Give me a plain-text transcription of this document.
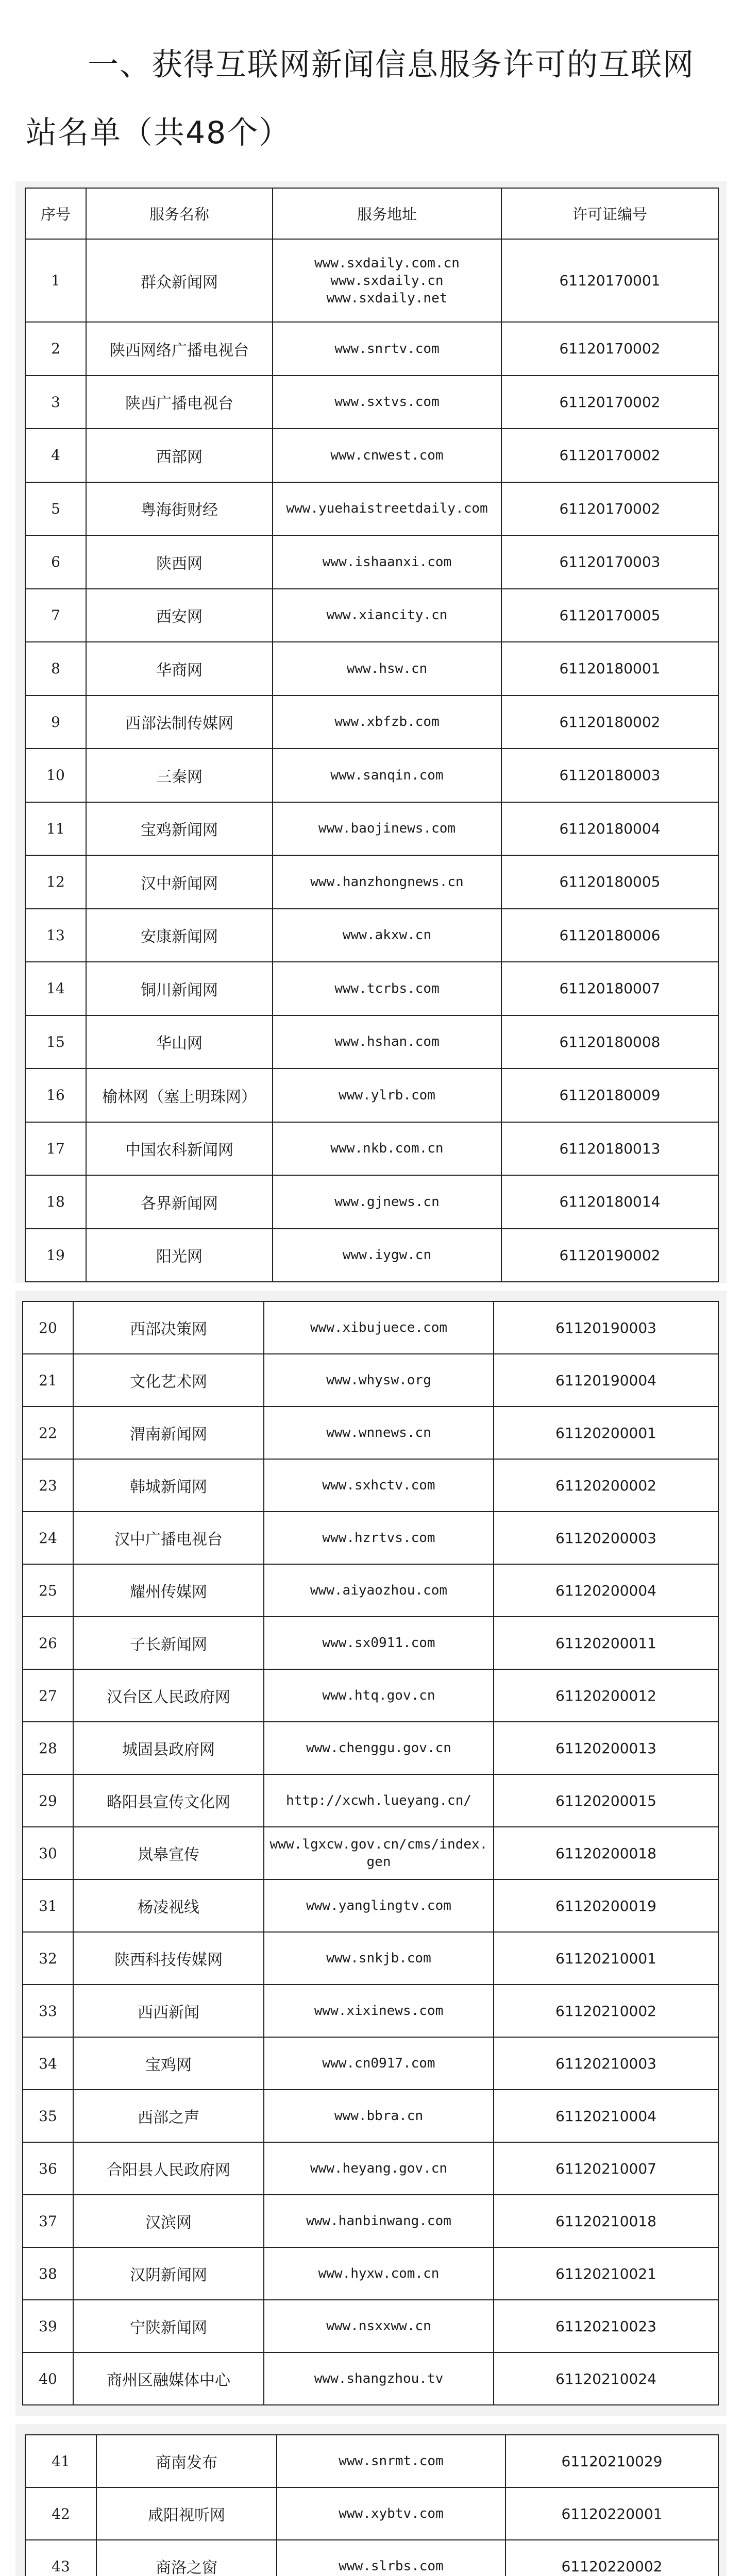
一、获得互联网新闻信息服务许可的互联网站名单（共48个）
序号	服务名称	服务地址	许可证编号
1	群众新闻网	www.sxdaily.com.cn
www.sxdaily.cn
www.sxdaily.net	61120170001
2	陕西网络广播电视台	www.snrtv.com	61120170002
3	陕西广播电视台	www.sxtvs.com	61120170002
4	西部网	www.cnwest.com	61120170002
5	粤海街财经	www.yuehaistreetdaily.com	61120170002
6	陕西网	www.ishaanxi.com	61120170003
7	西安网	www.xiancity.cn	61120170005
8	华商网	www.hsw.cn	61120180001
9	西部法制传媒网	www.xbfzb.com	61120180002
10	三秦网	www.sanqin.com	61120180003
11	宝鸡新闻网	www.baojinews.com	61120180004
12	汉中新闻网	www.hanzhongnews.cn	61120180005
13	安康新闻网	www.akxw.cn	61120180006
14	铜川新闻网	www.tcrbs.com	61120180007
15	华山网	www.hshan.com	61120180008
16	榆林网（塞上明珠网）	www.ylrb.com	61120180009
17	中国农科新闻网	www.nkb.com.cn	61120180013
18	各界新闻网	www.gjnews.cn	61120180014
19	阳光网	www.iygw.cn	61120190002
20	西部决策网	www.xibujuece.com	61120190003
21	文化艺术网	www.whysw.org	61120190004
22	渭南新闻网	www.wnnews.cn	61120200001
23	韩城新闻网	www.sxhctv.com	61120200002
24	汉中广播电视台	www.hzrtvs.com	61120200003
25	耀州传媒网	www.aiyaozhou.com	61120200004
26	子长新闻网	www.sx0911.com	61120200011
27	汉台区人民政府网	www.htq.gov.cn	61120200012
28	城固县政府网	www.chenggu.gov.cn	61120200013
29	略阳县宣传文化网	http://xcwh.lueyang.cn/	61120200015
30	岚皋宣传	www.lgxcw.gov.cn/cms/index.gen	61120200018
31	杨凌视线	www.yanglingtv.com	61120200019
32	陕西科技传媒网	www.snkjb.com	61120210001
33	西西新闻	www.xixinews.com	61120210002
34	宝鸡网	www.cn0917.com	61120210003
35	西部之声	www.bbra.cn	61120210004
36	合阳县人民政府网	www.heyang.gov.cn	61120210007
37	汉滨网	www.hanbinwang.com	61120210018
38	汉阴新闻网	www.hyxw.com.cn	61120210021
39	宁陕新闻网	www.nsxxww.cn	61120210023
40	商州区融媒体中心	www.shangzhou.tv	61120210024
41	商南发布	www.snrmt.com	61120210029
42	咸阳视听网	www.xybtv.com	61120220001
43	商洛之窗	www.slrbs.com	61120220002
